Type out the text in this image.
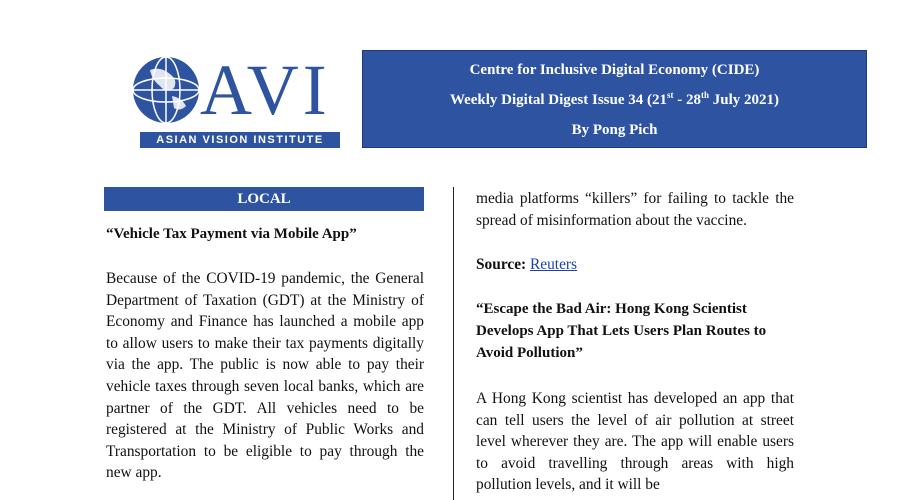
AVI
ASIAN VISION INSTITUTE
Centre for Inclusive Digital Economy (CIDE)
Weekly Digital Digest Issue 34 (21st - 28th July 2021)
By Pong Pich
LOCAL
“Vehicle Tax Payment via Mobile App”
Because of the COVID-19 pandemic, the General Department of Taxation (GDT) at the Ministry of Economy and Finance has launched a mobile app to allow users to make their tax payments digitally via the app. The public is now able to pay their vehicle taxes through seven local banks, which are partner of the GDT. All vehicles need to be registered at the Ministry of Public Works and Transportation to be eligible to pay through the new app.
media platforms “killers” for failing to tackle the spread of misinformation about the vaccine.
Source: Reuters
“Escape the Bad Air: Hong Kong Scientist Develops App That Lets Users Plan Routes to Avoid Pollution”
A Hong Kong scientist has developed an app that can tell users the level of air pollution at street level wherever they are. The app will enable users to avoid travelling through areas with high pollution levels, and it will be
